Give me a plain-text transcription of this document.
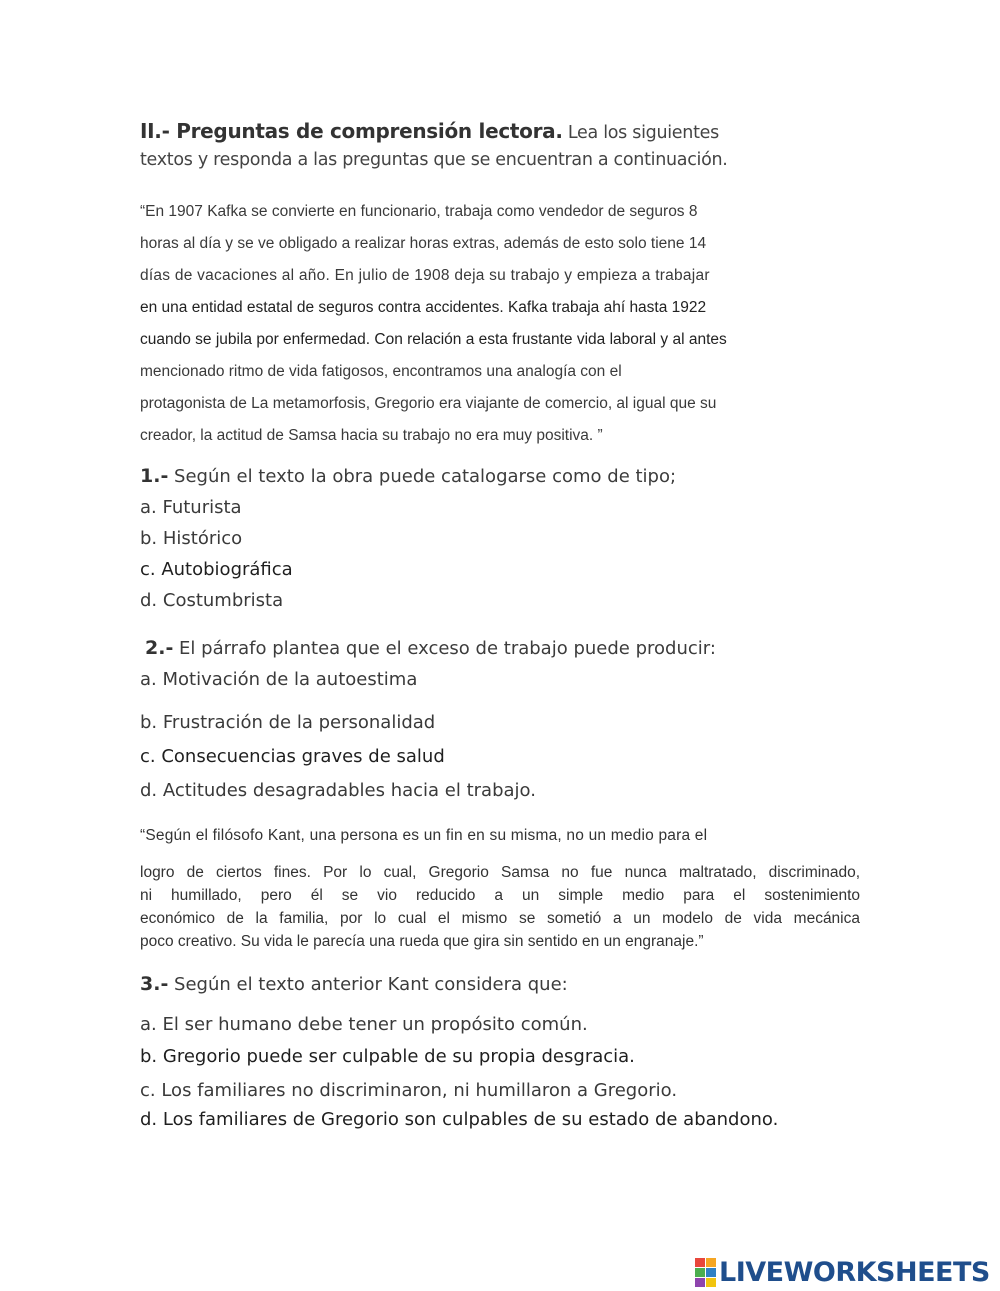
II.- Preguntas de comprensión lectora. Lea los siguientes
textos y responda a las preguntas que se encuentran a continuación.
“En 1907 Kafka se convierte en funcionario, trabaja como vendedor de seguros 8
horas al día y se ve obligado a realizar horas extras, además de esto solo tiene 14
días de vacaciones al año. En julio de 1908 deja su trabajo y empieza a trabajar
en una entidad estatal de seguros contra accidentes. Kafka trabaja ahí hasta 1922
cuando se jubila por enfermedad. Con relación a esta frustante vida laboral y al antes
mencionado ritmo de vida fatigosos, encontramos una analogía con el
protagonista de La metamorfosis, Gregorio era viajante de comercio, al igual que su
creador, la actitud de Samsa hacia su trabajo no era muy positiva. ”
1.- Según el texto la obra puede catalogarse como de tipo;
a. Futurista
b. Histórico
c. Autobiográfica
d. Costumbrista
2.- El párrafo plantea que el exceso de trabajo puede producir:
a. Motivación de la autoestima
b. Frustración de la personalidad
c. Consecuencias graves de salud
d. Actitudes desagradables hacia el trabajo.
“Según el filósofo Kant, una persona es un fin en su misma, no un medio para el
logro de ciertos fines. Por lo cual, Gregorio Samsa no fue nunca maltratado, discriminado,
ni humillado, pero él se vio reducido a un simple medio para el sostenimiento
económico de la familia, por lo cual el mismo se sometió a un modelo de vida mecánica
poco creativo. Su vida le parecía una rueda que gira sin sentido en un engranaje.”
3.- Según el texto anterior Kant considera que:
a. El ser humano debe tener un propósito común.
b. Gregorio puede ser culpable de su propia desgracia.
c. Los familiares no discriminaron, ni humillaron a Gregorio.
d. Los familiares de Gregorio son culpables de su estado de abandono.
LIVEWORKSHEETS
